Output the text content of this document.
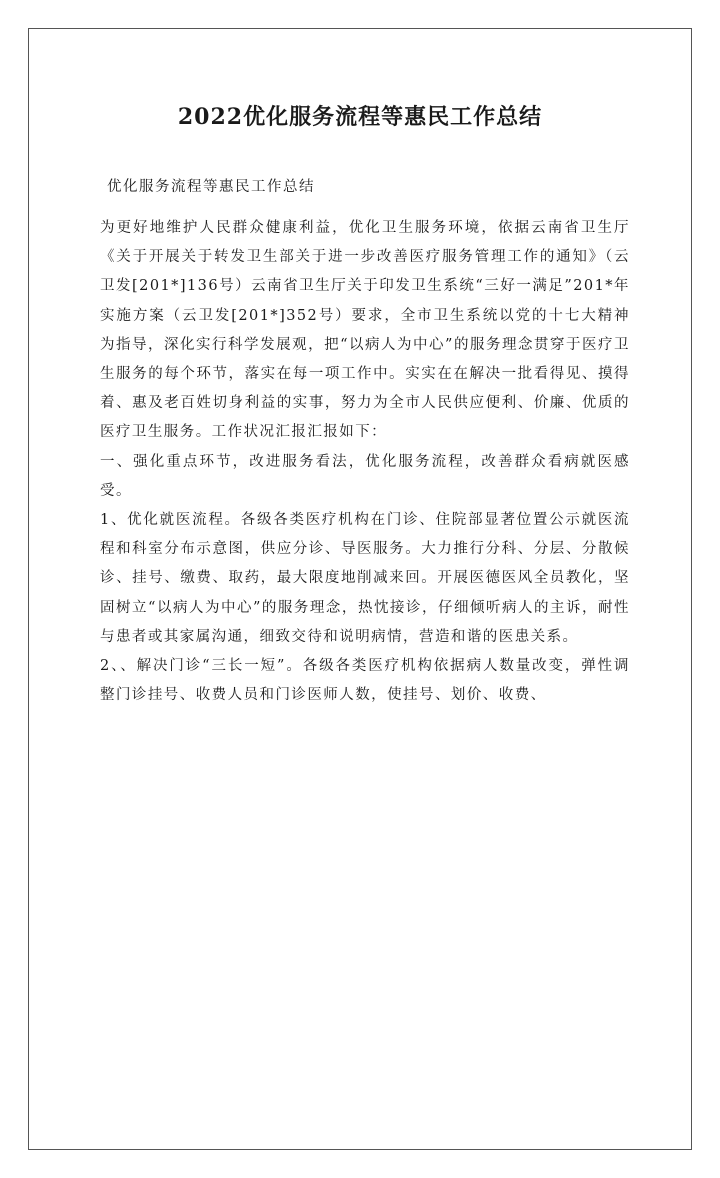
2022优化服务流程等惠民工作总结

优化服务流程等惠民工作总结

为更好地维护人民群众健康利益，优化卫生服务环境，依据云南省卫生厅《关于开展关于转发卫生部关于进一步改善医疗服务管理工作的通知》（云卫发[201*]136号）云南省卫生厅关于印发卫生系统“三好一满足”201*年实施方案（云卫发[201*]352号）要求，全市卫生系统以党的十七大精神为指导，深化实行科学发展观，把“以病人为中心”的服务理念贯穿于医疗卫生服务的每个环节，落实在每一项工作中。实实在在解决一批看得见、摸得着、惠及老百姓切身利益的实事，努力为全市人民供应便利、价廉、优质的医疗卫生服务。工作状况汇报汇报如下：

一、强化重点环节，改进服务看法，优化服务流程，改善群众看病就医感受。

1、优化就医流程。各级各类医疗机构在门诊、住院部显著位置公示就医流程和科室分布示意图，供应分诊、导医服务。大力推行分科、分层、分散候诊、挂号、缴费、取药，最大限度地削减来回。开展医德医风全员教化，坚固树立“以病人为中心”的服务理念，热忱接诊，仔细倾听病人的主诉，耐性与患者或其家属沟通，细致交待和说明病情，营造和谐的医患关系。

2、、解决门诊“三长一短”。各级各类医疗机构依据病人数量改变，弹性调整门诊挂号、收费人员和门诊医师人数，使挂号、划价、收费、
